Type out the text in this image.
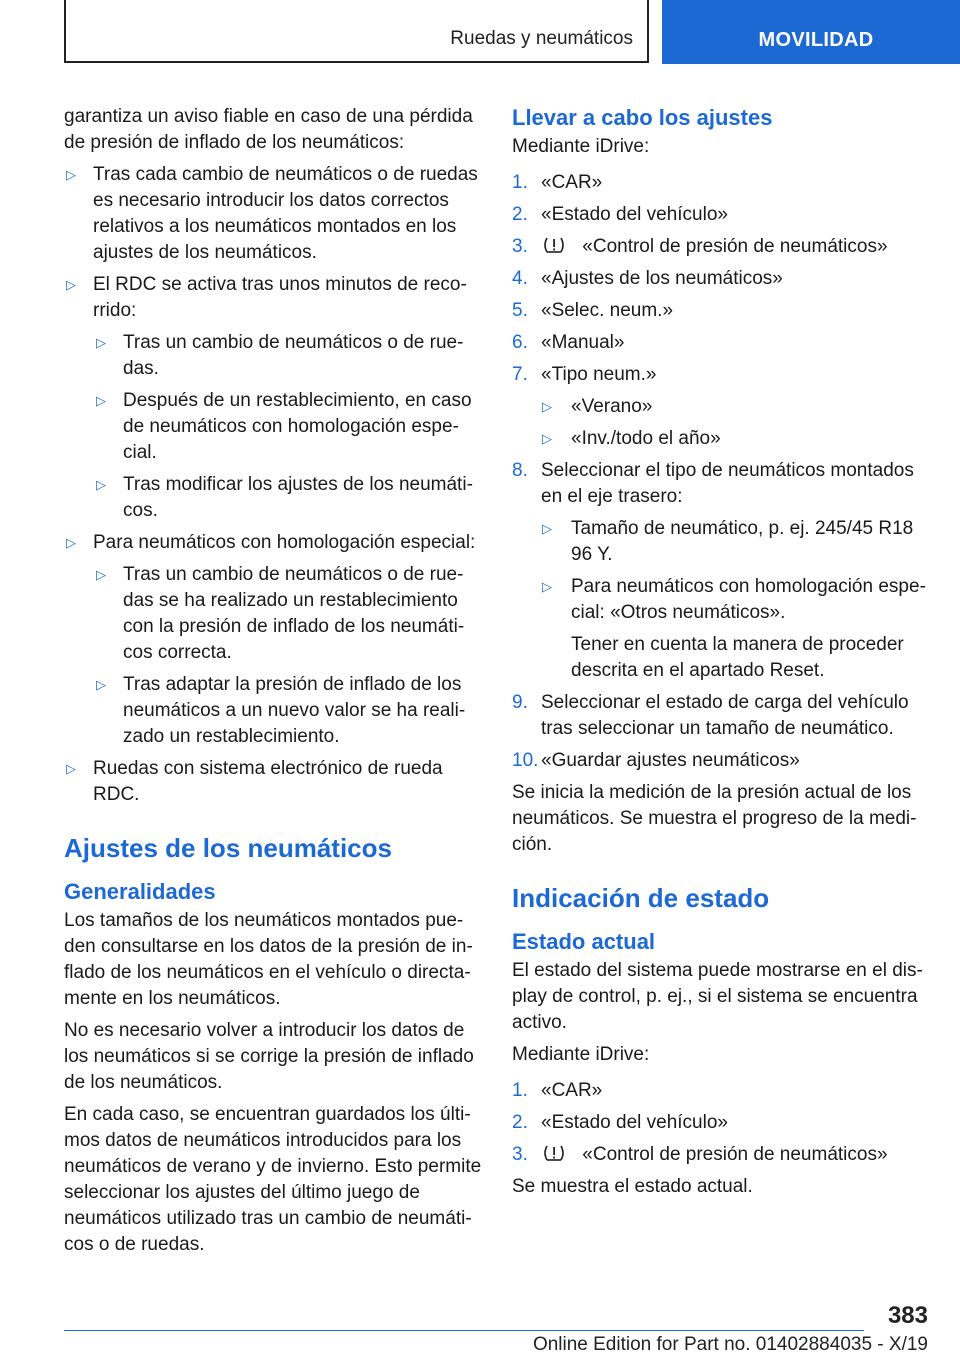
Ruedas y neumáticos	MOVILIDAD

garantiza un aviso fiable en caso de una pérdida de presión de inflado de los neumáticos:

▷ Tras cada cambio de neumáticos o de ruedas es necesario introducir los datos correctos relativos a los neumáticos montados en los ajustes de los neumáticos.
▷ El RDC se activa tras unos minutos de recorrido:
▷ Tras un cambio de neumáticos o de ruedas.
▷ Después de un restablecimiento, en caso de neumáticos con homologación especial.
▷ Tras modificar los ajustes de los neumáticos.
▷ Para neumáticos con homologación especial:
▷ Tras un cambio de neumáticos o de ruedas se ha realizado un restablecimiento con la presión de inflado de los neumáticos correcta.
▷ Tras adaptar la presión de inflado de los neumáticos a un nuevo valor se ha realizado un restablecimiento.
▷ Ruedas con sistema electrónico de rueda RDC.
Ajustes de los neumáticos
Generalidades

Los tamaños de los neumáticos montados pueden consultarse en los datos de la presión de inflado de los neumáticos en el vehículo o directamente en los neumáticos.

No es necesario volver a introducir los datos de los neumáticos si se corrige la presión de inflado de los neumáticos.

En cada caso, se encuentran guardados los últimos datos de neumáticos introducidos para los neumáticos de verano y de invierno. Esto permite seleccionar los ajustes del último juego de neumáticos utilizado tras un cambio de neumáticos o de ruedas.

Llevar a cabo los ajustes

Mediante iDrive:

1. «CAR»
2. «Estado del vehículo»
3.	«Control de presión de neumáticos»
4. «Ajustes de los neumáticos»
5. «Selec. neum.»
6. «Manual»
7. «Tipo neum.»
▷ «Verano»
▷ «Inv./todo el año»
8. Seleccionar el tipo de neumáticos montados en el eje trasero:
▷ Tamaño de neumático, p. ej. 245/45 R18 96 Y.
▷ Para neumáticos con homologación especial: «Otros neumáticos».

Tener en cuenta la manera de proceder descrita en el apartado Reset.

9. Seleccionar el estado de carga del vehículo tras seleccionar un tamaño de neumático.
10. «Guardar ajustes neumáticos»

Se inicia la medición de la presión actual de los neumáticos. Se muestra el progreso de la medición.

Indicación de estado
Estado actual

El estado del sistema puede mostrarse en el display de control, p. ej., si el sistema se encuentra activo.

Mediante iDrive:

1. «CAR»
2. «Estado del vehículo»
3.	«Control de presión de neumáticos»

Se muestra el estado actual.

383
Online Edition for Part no. 01402884035 - X/19
